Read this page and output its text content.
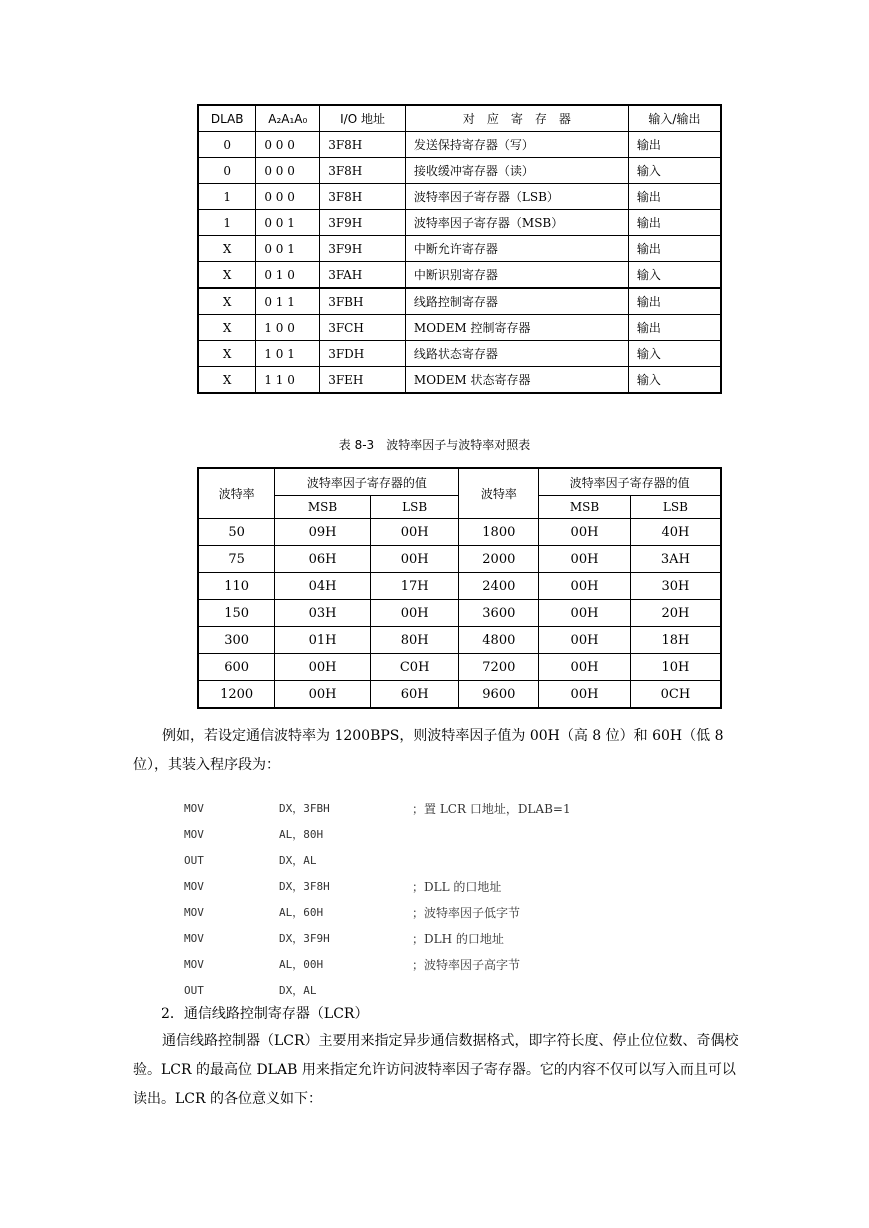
DLAB	A₂A₁A₀	I/O 地址	对　应　寄　存　器	输入/输出
0	0 0 0	3F8H	发送保持寄存器（写）	输出
0	0 0 0	3F8H	接收缓冲寄存器（读）	输入
1	0 0 0	3F8H	波特率因子寄存器（LSB）	输出
1	0 0 1	3F9H	波特率因子寄存器（MSB）	输出
X	0 0 1	3F9H	中断允许寄存器	输出
X	0 1 0	3FAH	中断识别寄存器	输入
X	0 1 1	3FBH	线路控制寄存器	输出
X	1 0 0	3FCH	MODEM 控制寄存器	输出
X	1 0 1	3FDH	线路状态寄存器	输入
X	1 1 0	3FEH	MODEM 状态寄存器	输入
表 8-3　波特率因子与波特率对照表
波特率	波特率因子寄存器的值		波特率	波特率因子寄存器的值	
	MSB	LSB		MSB	LSB
50	09H	00H	1800	00H	40H
75	06H	00H	2000	00H	3AH
110	04H	17H	2400	00H	30H
150	03H	00H	3600	00H	20H
300	01H	80H	4800	00H	18H
600	00H	C0H	7200	00H	10H
1200	00H	60H	9600	00H	0CH

例如，若设定通信波特率为 1200BPS，则波特率因子值为 00H（高 8 位）和 60H（低 8 位），其装入程序段为：

MOV	DX，3FBH	；置 LCR 口地址，DLAB=1
MOV	AL，80H
OUT	DX，AL
MOV	DX，3F8H	；DLL 的口地址
MOV	AL，60H	；波特率因子低字节
MOV	DX，3F9H	；DLH 的口地址
MOV	AL，00H	；波特率因子高字节
OUT	DX，AL
2．通信线路控制寄存器（LCR）

通信线路控制器（LCR）主要用来指定异步通信数据格式，即字符长度、停止位位数、奇偶校验。LCR 的最高位 DLAB 用来指定允许访问波特率因子寄存器。它的内容不仅可以写入而且可以读出。LCR 的各位意义如下：
